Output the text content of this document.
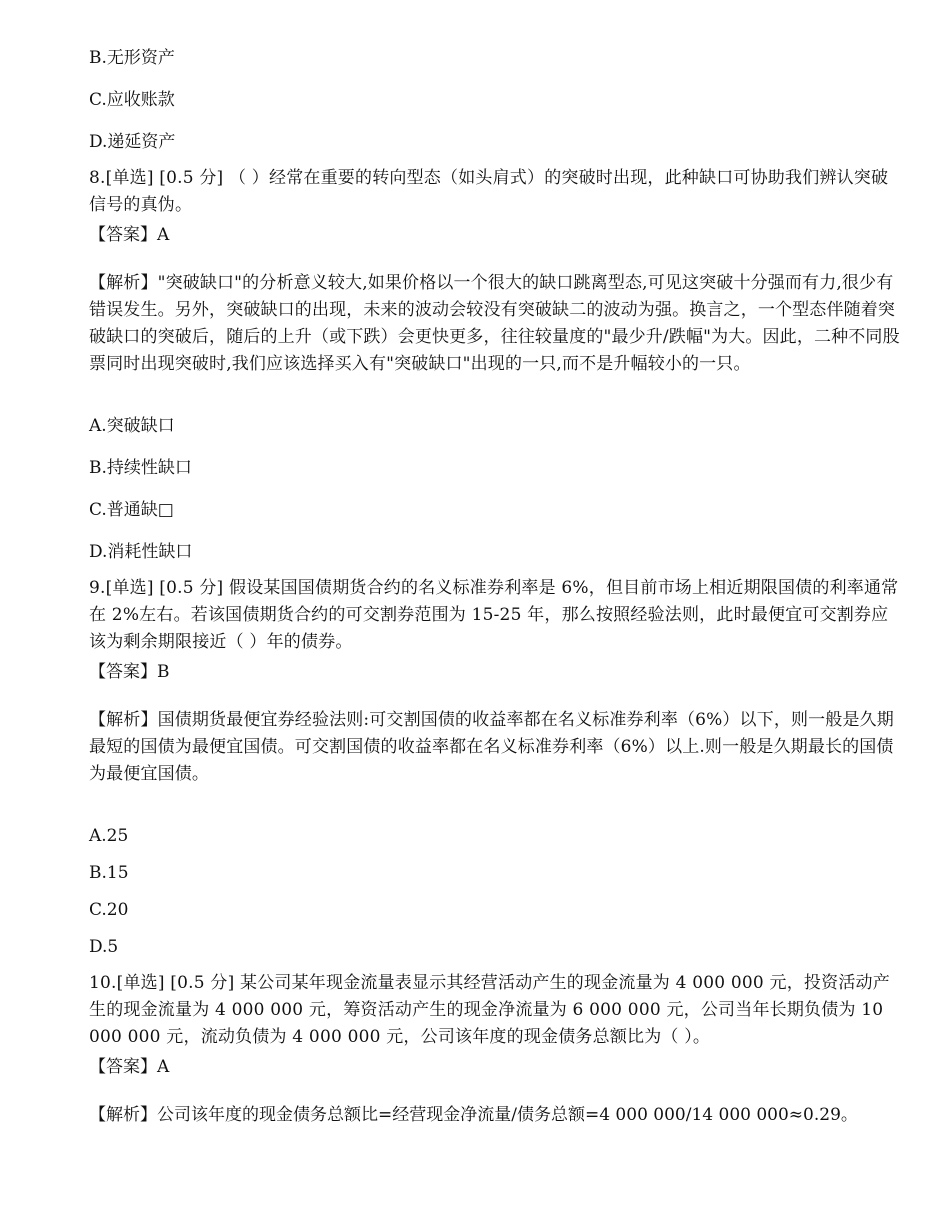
B.无形资产

C.应收账款

D.递延资产

8.[单选] [0.5 分] （ ）经常在重要的转向型态（如头肩式）的突破时出现，此种缺口可协助我们辨认突破信号的真伪。

【答案】A

【解析】"突破缺口"的分析意义较大,如果价格以一个很大的缺口跳离型态,可见这突破十分强而有力,很少有错误发生。另外，突破缺口的出现，未来的波动会较没有突破缺二的波动为强。换言之，一个型态伴随着突破缺口的突破后，随后的上升（或下跌）会更快更多，往往较量度的"最少升/跌幅"为大。因此，二种不同股票同时出现突破时,我们应该选择买入有"突破缺口"出现的一只,而不是升幅较小的一只。

A.突破缺口

B.持续性缺口

C.普通缺□

D.消耗性缺口

9.[单选] [0.5 分] 假设某国国债期货合约的名义标准券利率是 6%，但目前市场上相近期限国债的利率通常在 2%左右。若该国债期货合约的可交割券范围为 15-25 年，那么按照经验法则，此时最便宜可交割券应该为剩余期限接近（ ）年的债券。

【答案】B

【解析】国债期货最便宜券经验法则:可交割国债的收益率都在名义标准券利率（6%）以下，则一般是久期最短的国债为最便宜国债。可交割国债的收益率都在名义标准券利率（6%）以上.则一般是久期最长的国债为最便宜国债。

A.25

B.15

C.20

D.5

10.[单选] [0.5 分] 某公司某年现金流量表显示其经营活动产生的现金流量为 4 000 000 元，投资活动产生的现金流量为 4 000 000 元，筹资活动产生的现金净流量为 6 000 000 元，公司当年长期负债为 10 000 000 元，流动负债为 4 000 000 元，公司该年度的现金债务总额比为（ ）。

【答案】A

【解析】公司该年度的现金债务总额比=经营现金净流量/债务总额=4 000 000/14 000 000≈0.29。
